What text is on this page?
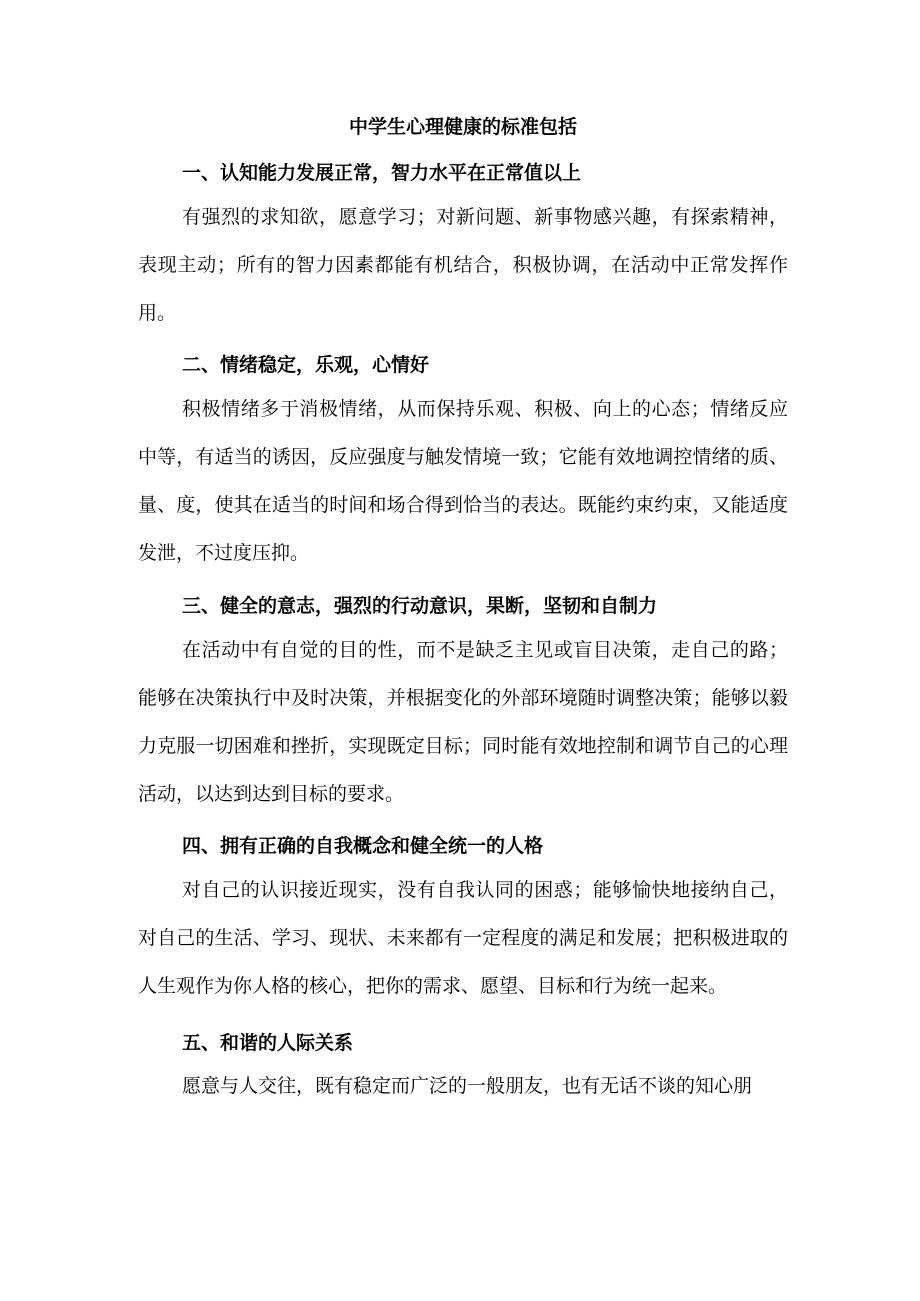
中学生心理健康的标准包括
一、认知能力发展正常，智力水平在正常值以上

有强烈的求知欲，愿意学习；对新问题、新事物感兴趣，有探索精神，表现主动；所有的智力因素都能有机结合，积极协调，在活动中正常发挥作用。

二、情绪稳定，乐观，心情好

积极情绪多于消极情绪，从而保持乐观、积极、向上的心态；情绪反应中等，有适当的诱因，反应强度与触发情境一致；它能有效地调控情绪的质、量、度，使其在适当的时间和场合得到恰当的表达。既能约束约束，又能适度发泄，不过度压抑。

三、健全的意志，强烈的行动意识，果断，坚韧和自制力

在活动中有自觉的目的性，而不是缺乏主见或盲目决策，走自己的路；能够在决策执行中及时决策，并根据变化的外部环境随时调整决策；能够以毅力克服一切困难和挫折，实现既定目标；同时能有效地控制和调节自己的心理活动，以达到达到目标的要求。

四、拥有正确的自我概念和健全统一的人格

对自己的认识接近现实，没有自我认同的困惑；能够愉快地接纳自己，对自己的生活、学习、现状、未来都有一定程度的满足和发展；把积极进取的人生观作为你人格的核心，把你的需求、愿望、目标和行为统一起来。

五、和谐的人际关系

愿意与人交往，既有稳定而广泛的一般朋友，也有无话不谈的知心朋
